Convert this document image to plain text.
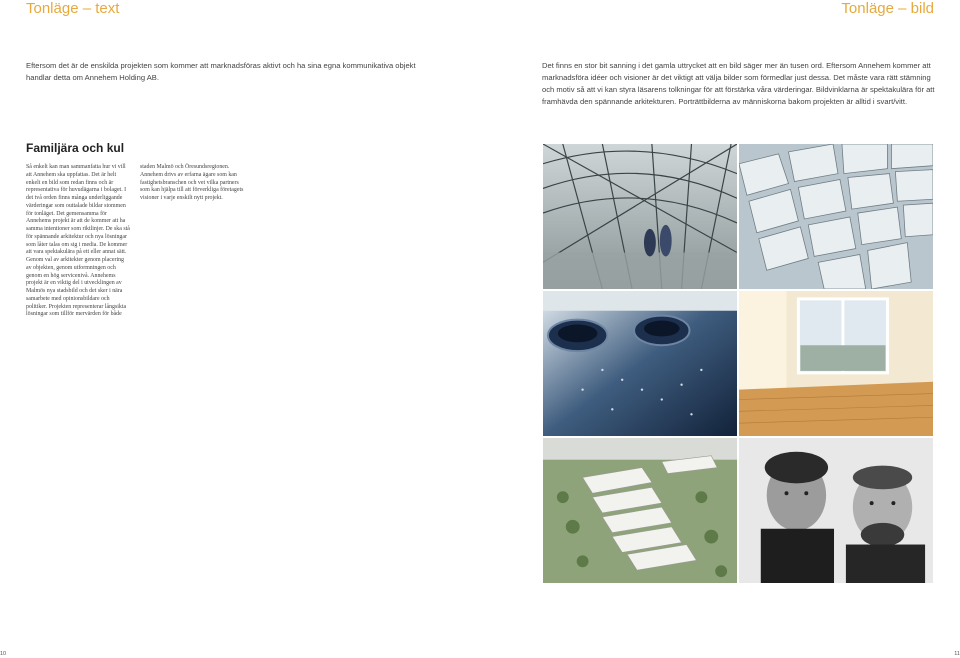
Tonläge – text	Tonläge – bild

Eftersom det är de enskilda projekten som kommer att marknadsföras aktivt och ha sina egna kommunikativa objekt handlar detta om Annehem Holding AB.

Det finns en stor bit sanning i det gamla uttrycket att en bild säger mer än tusen ord. Eftersom Annehem kommer att marknadsföra idéer och visioner är det viktigt att välja bilder som förmedlar just dessa. Det måste vara rätt stämning och motiv så att vi kan styra läsarens tolkningar för att förstärka våra värderingar. Bildvinklarna är spektakulära för att framhävda den spännande arkitekturen. Porträttbilderna av människorna bakom projekten är alltid i svart/vitt.

Familjära och kul

Så enkelt kan man sammanfatta hur vi vill att Annehem ska uppfattas. Det är helt enkelt en bild som redan finns och är representativa för huvudägarna i bolaget. I det två orden finns många underliggande värderingar som outtalade bildar stommen för tonläget. Det gemensamma för Annehems projekt är att de kommer att ha samma intentioner som riktlinjer. De ska stå för spännande arkitektur och nya lösningar som låter talas om sig i media. De kommer att vara spektakulära på ett eller annat sätt. Genom val av arkitekter genom placering av objekten, genom utformningen och genom en hög servicenivå. Annehems projekt är en viktig del i utvecklingen av Malmös nya stadsbild och det sker i nära samarbete med opinionsbildare och politiker. Projekten representerar långsikta lösningar som tillför mervärden för både

staden Malmö och Öresundsregionen. Annehem drivs av erfarna ägare som kan fastighetsbranschen och vet vilka partners som kan hjälpa till att förverkliga företagets visioner i varje enskilt nytt projekt.

10	11
